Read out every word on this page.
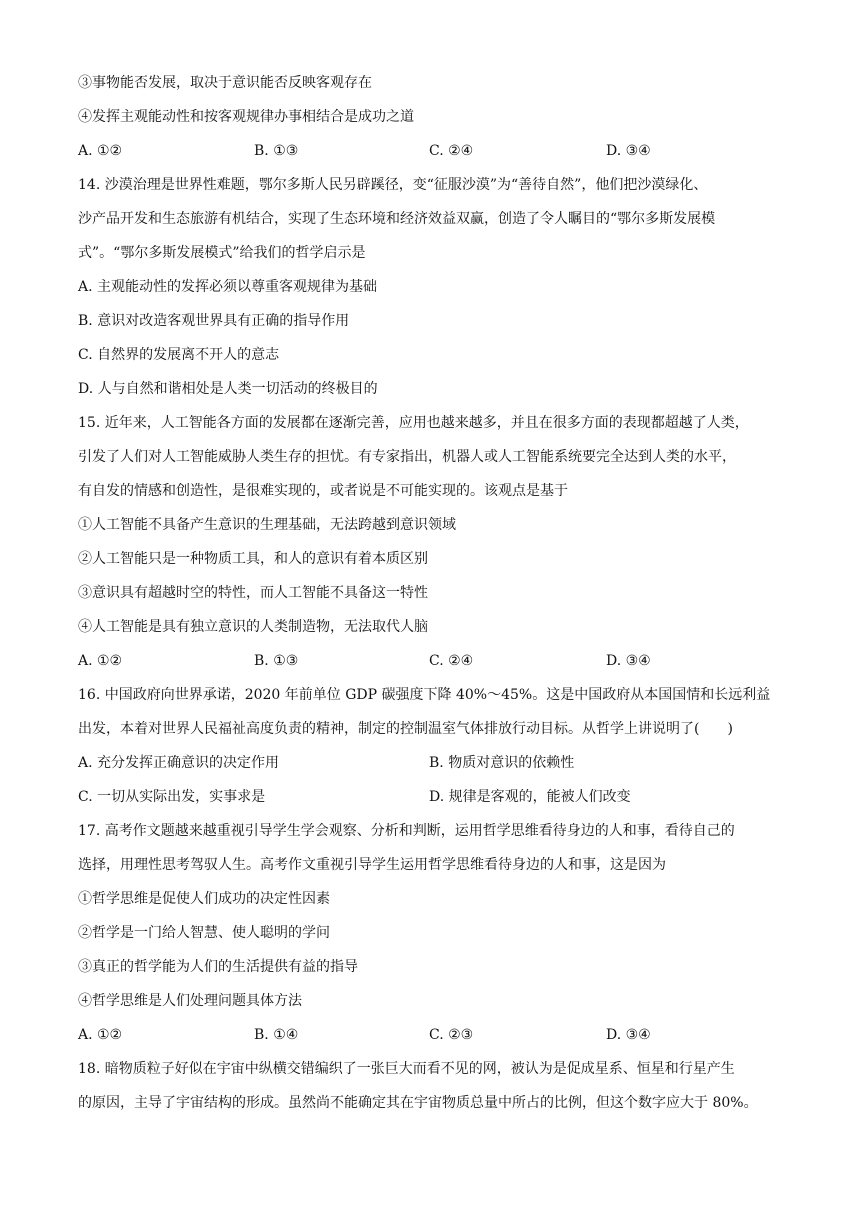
③事物能否发展，取决于意识能否反映客观存在
④发挥主观能动性和按客观规律办事相结合是成功之道
A. ①②	B. ①③	C. ②④	D. ③④
14. 沙漠治理是世界性难题，鄂尔多斯人民另辟蹊径，变“征服沙漠”为“善待自然”，他们把沙漠绿化、
沙产品开发和生态旅游有机结合，实现了生态环境和经济效益双赢，创造了令人瞩目的“鄂尔多斯发展模
式”。“鄂尔多斯发展模式”给我们的哲学启示是
A. 主观能动性的发挥必须以尊重客观规律为基础
B. 意识对改造客观世界具有正确的指导作用
C. 自然界的发展离不开人的意志
D. 人与自然和谐相处是人类一切活动的终极目的
15. 近年来，人工智能各方面的发展都在逐渐完善，应用也越来越多，并且在很多方面的表现都超越了人类，
引发了人们对人工智能威胁人类生存的担忧。有专家指出，机器人或人工智能系统要完全达到人类的水平，
有自发的情感和创造性，是很难实现的，或者说是不可能实现的。该观点是基于
①人工智能不具备产生意识的生理基础，无法跨越到意识领域
②人工智能只是一种物质工具，和人的意识有着本质区别
③意识具有超越时空的特性，而人工智能不具备这一特性
④人工智能是具有独立意识的人类制造物，无法取代人脑
A. ①②	B. ①③	C. ②④	D. ③④
16. 中国政府向世界承诺，2020 年前单位 GDP 碳强度下降 40%～45%。这是中国政府从本国国情和长远利益
出发，本着对世界人民福祉高度负责的精神，制定的控制温室气体排放行动目标。从哲学上讲说明了(　　)
A. 充分发挥正确意识的决定作用	B. 物质对意识的依赖性
C. 一切从实际出发，实事求是	D. 规律是客观的，能被人们改变
17. 高考作文题越来越重视引导学生学会观察、分析和判断，运用哲学思维看待身边的人和事，看待自己的
选择，用理性思考驾驭人生。高考作文重视引导学生运用哲学思维看待身边的人和事，这是因为
①哲学思维是促使人们成功的决定性因素
②哲学是一门给人智慧、使人聪明的学问
③真正的哲学能为人们的生活提供有益的指导
④哲学思维是人们处理问题具体方法
A. ①②	B. ①④	C. ②③	D. ③④
18. 暗物质粒子好似在宇宙中纵横交错编织了一张巨大而看不见的网，被认为是促成星系、恒星和行星产生
的原因，主导了宇宙结构的形成。虽然尚不能确定其在宇宙物质总量中所占的比例，但这个数字应大于 80%。
